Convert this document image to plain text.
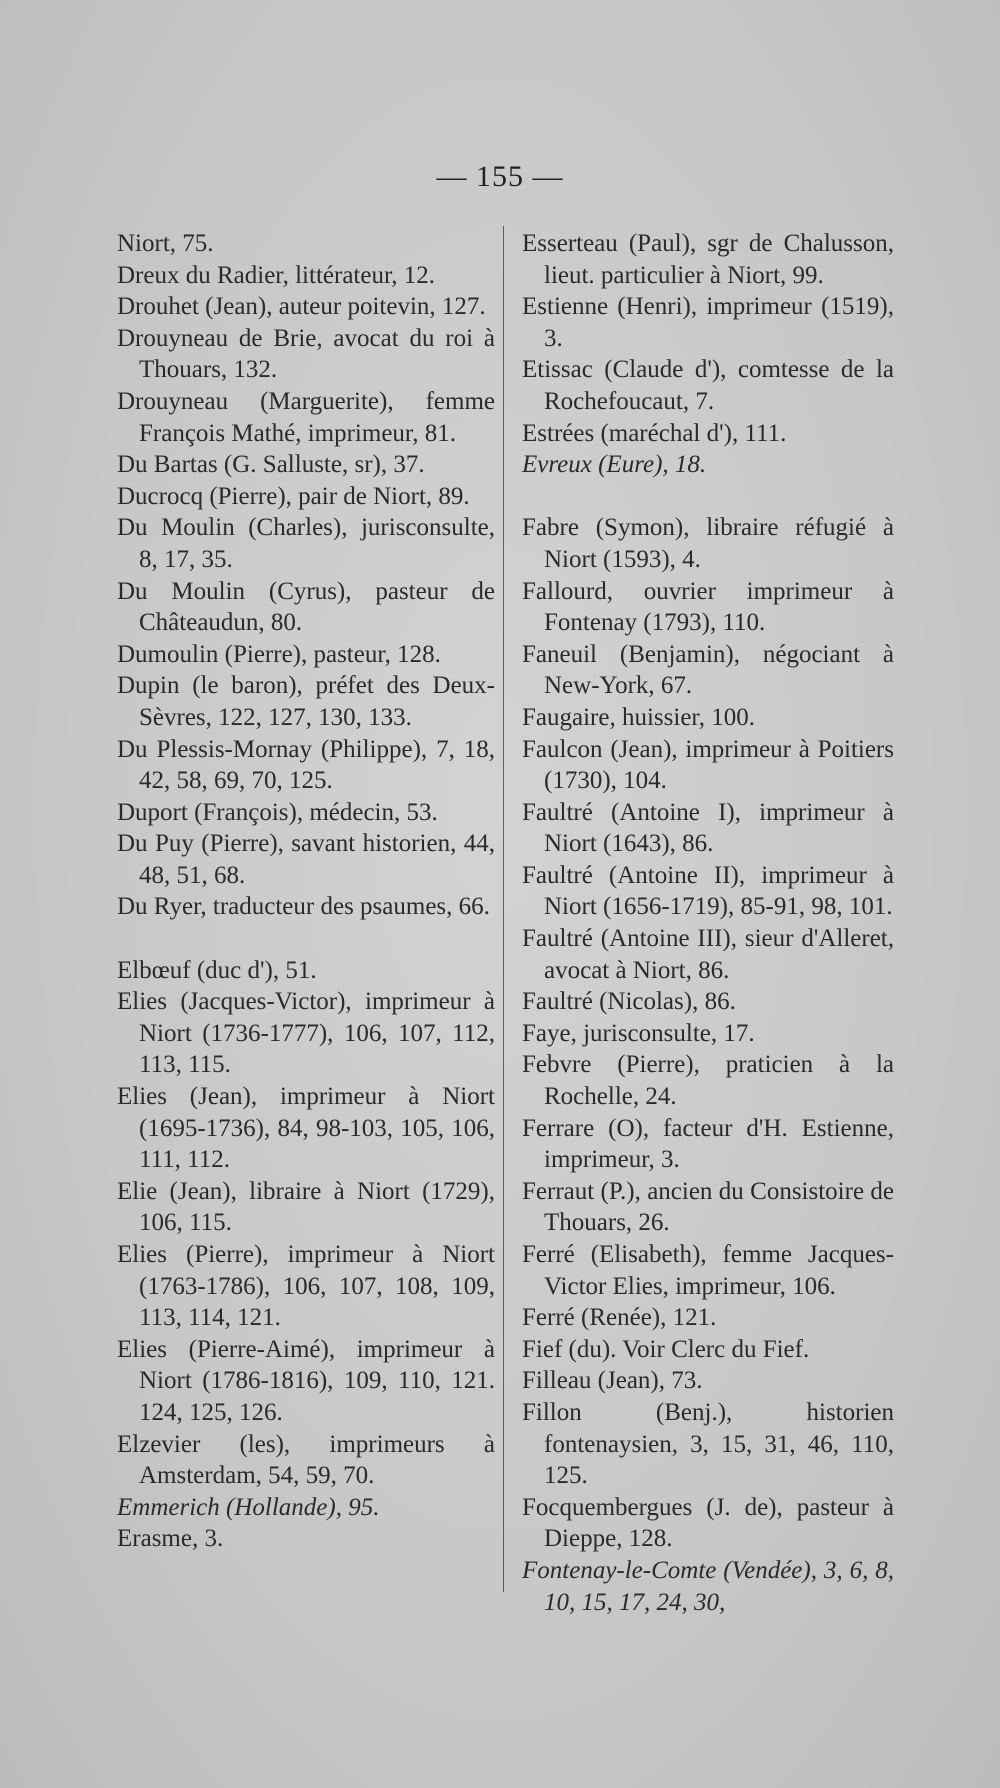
— 155 —

Niort, 75.

Dreux du Radier, littérateur, 12.

Drouhet (Jean), auteur poitevin, 127.

Drouyneau de Brie, avocat du roi à Thouars, 132.

Drouyneau (Marguerite), femme François Mathé, imprimeur, 81.

Du Bartas (G. Salluste, sr), 37.

Ducrocq (Pierre), pair de Niort, 89.

Du Moulin (Charles), jurisconsulte, 8, 17, 35.

Du Moulin (Cyrus), pasteur de Châteaudun, 80.

Dumoulin (Pierre), pasteur, 128.

Dupin (le baron), préfet des Deux-Sèvres, 122, 127, 130, 133.

Du Plessis-Mornay (Philippe), 7, 18, 42, 58, 69, 70, 125.

Duport (François), médecin, 53.

Du Puy (Pierre), savant historien, 44, 48, 51, 68.

Du Ryer, traducteur des psaumes, 66.

Elbœuf (duc d'), 51.

Elies (Jacques-Victor), imprimeur à Niort (1736-1777), 106, 107, 112, 113, 115.

Elies (Jean), imprimeur à Niort (1695-1736), 84, 98-103, 105, 106, 111, 112.

Elie (Jean), libraire à Niort (1729), 106, 115.

Elies (Pierre), imprimeur à Niort (1763-1786), 106, 107, 108, 109, 113, 114, 121.

Elies (Pierre-Aimé), imprimeur à Niort (1786-1816), 109, 110, 121. 124, 125, 126.

Elzevier (les), imprimeurs à Amsterdam, 54, 59, 70.

Emmerich (Hollande), 95.

Erasme, 3.

Esserteau (Paul), sgr de Chalusson, lieut. particulier à Niort, 99.

Estienne (Henri), imprimeur (1519), 3.

Etissac (Claude d'), comtesse de la Rochefoucaut, 7.

Estrées (maréchal d'), 111.

Evreux (Eure), 18.

Fabre (Symon), libraire réfugié à Niort (1593), 4.

Fallourd, ouvrier imprimeur à Fontenay (1793), 110.

Faneuil (Benjamin), négociant à New-York, 67.

Faugaire, huissier, 100.

Faulcon (Jean), imprimeur à Poitiers (1730), 104.

Faultré (Antoine I), imprimeur à Niort (1643), 86.

Faultré (Antoine II), imprimeur à Niort (1656-1719), 85-91, 98, 101.

Faultré (Antoine III), sieur d'Alleret, avocat à Niort, 86.

Faultré (Nicolas), 86.

Faye, jurisconsulte, 17.

Febvre (Pierre), praticien à la Rochelle, 24.

Ferrare (O), facteur d'H. Estienne, imprimeur, 3.

Ferraut (P.), ancien du Consistoire de Thouars, 26.

Ferré (Elisabeth), femme Jacques-Victor Elies, imprimeur, 106.

Ferré (Renée), 121.

Fief (du). Voir Clerc du Fief.

Filleau (Jean), 73.

Fillon (Benj.), historien fontenaysien, 3, 15, 31, 46, 110, 125.

Focquembergues (J. de), pasteur à Dieppe, 128.

Fontenay-le-Comte (Vendée), 3, 6, 8, 10, 15, 17, 24, 30,
